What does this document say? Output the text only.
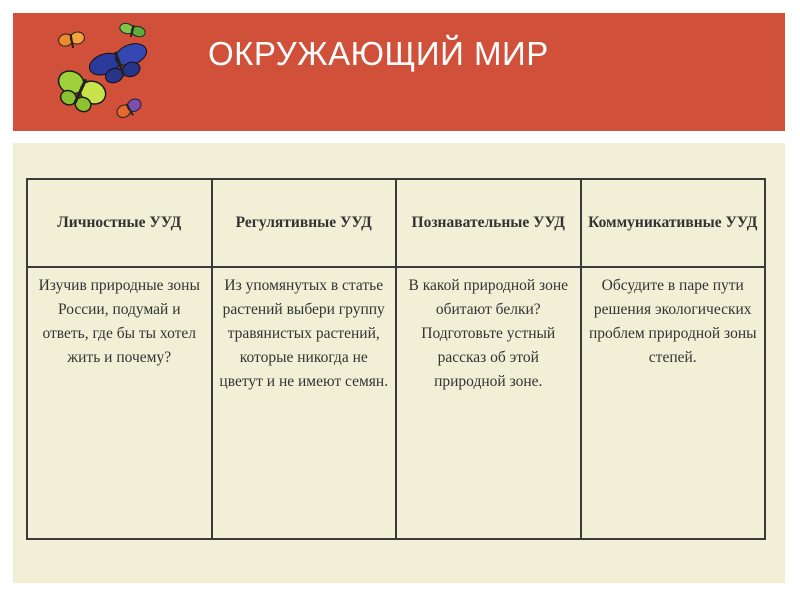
ОКРУЖАЮЩИЙ МИР
Личностные УУД	Регулятивные УУД	Познавательные УУД	Коммуникативные УУД
Изучив природные зоны России, подумай и ответь, где бы ты хотел жить и почему?	Из упомянутых в статье растений выбери группу травянистых растений, которые никогда не цветут и не имеют семян.	В какой природной зоне обитают белки? Подготовьте устный рассказ об этой природной зоне.	Обсудите в паре пути решения экологических проблем природной зоны степей.
